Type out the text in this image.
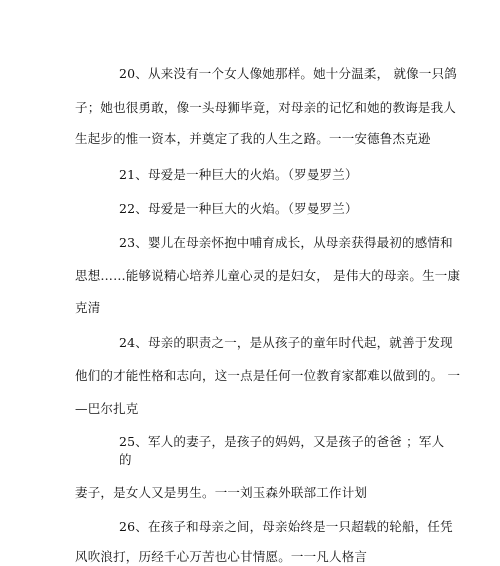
20、从来没有一个女人像她那样。她十分温柔， 就像一只鸽
子；她也很勇敢，像一头母狮毕竟，对母亲的记忆和她的教诲是我人
生起步的惟一资本，并奠定了我的人生之路。一一安德鲁杰克逊
21、母爱是一种巨大的火焰。（罗曼罗兰）
22、母爱是一种巨大的火焰。（罗曼罗兰）
23、婴儿在母亲怀抱中哺育成长，从母亲获得最初的感情和
思想……能够说精心培养儿童心灵的是妇女， 是伟大的母亲。生一康
克清
24、母亲的职责之一，是从孩子的童年时代起，就善于发现
他们的才能性格和志向，这一点是任何一位教育家都难以做到的。 一
—巴尔扎克
25、军人的妻子，是孩子的妈妈，又是孩子的爸爸 ；军人
的
妻子，是女人又是男生。一一刘玉森外联部工作计划
26、在孩子和母亲之间，母亲始终是一只超载的轮船，任凭
风吹浪打，历经千心万苦也心甘情愿。一一凡人格言
